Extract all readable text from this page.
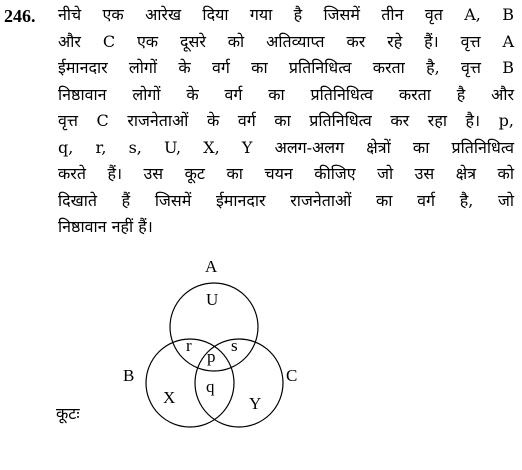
246. नीचे एक आरेख दिया गया है जिसमें तीन वृत A, B
और C एक दूसरे को अतिव्याप्त कर रहे हैं। वृत्त A
ईमानदार लोगों के वर्ग का प्रतिनिधित्व करता है, वृत्त B
निष्ठावान लोगों के वर्ग का प्रतिनिधित्व करता है और
वृत्त C राजनेताओं के वर्ग का प्रतिनिधित्व कर रहा है। p,
q, r, s, U, X, Y अलग-अलग क्षेत्रों का प्रतिनिधित्व
करते हैं। उस कूट का चयन कीजिए जो उस क्षेत्र को
दिखाते हैं जिसमें ईमानदार राजनेताओं का वर्ग है, जो
निष्ठावान नहीं हैं।
A
B	C
U
r s
p
q
X	Y
कूटः
